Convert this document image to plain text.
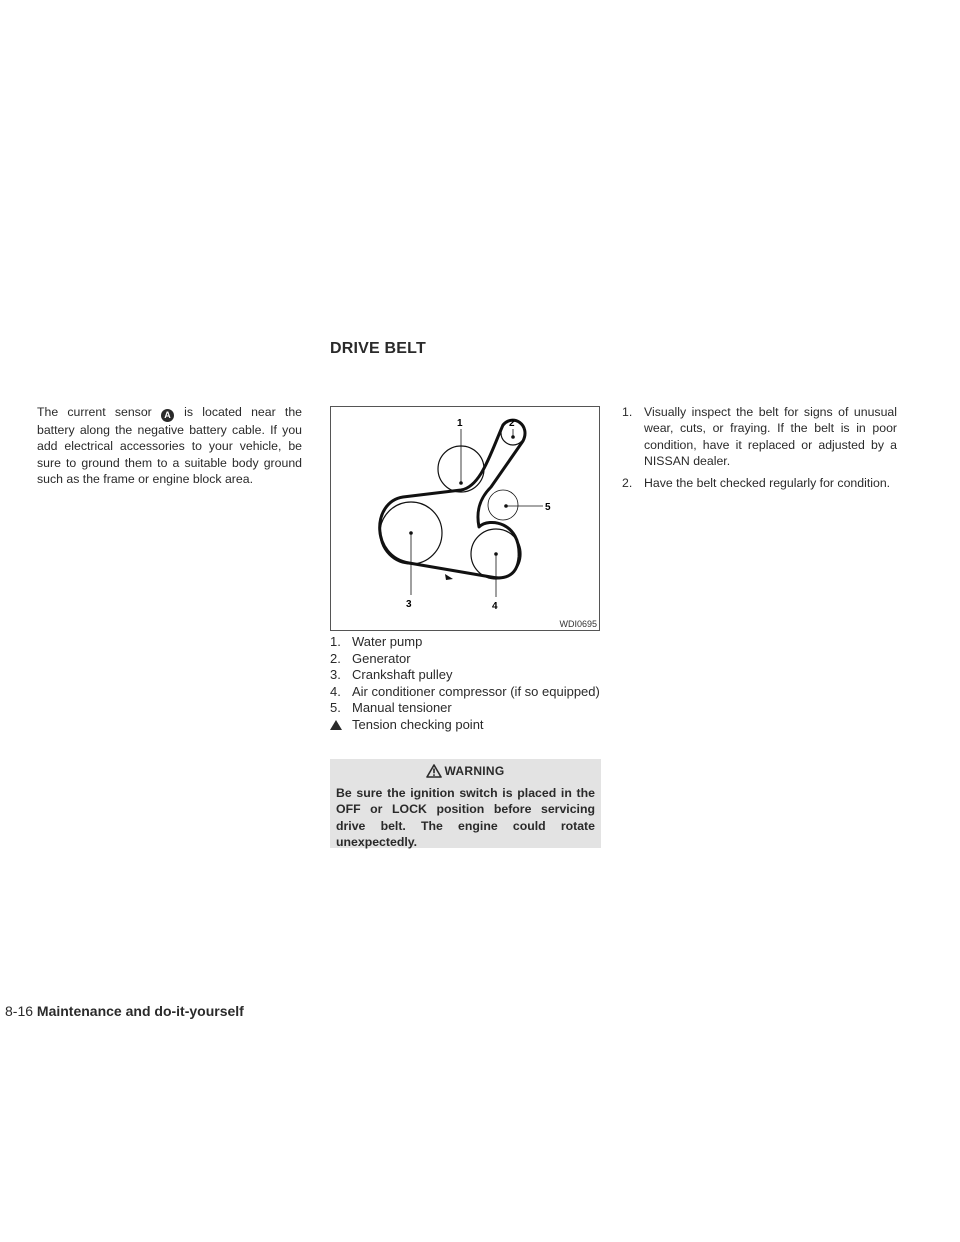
DRIVE BELT
The current sensor A is located near the battery along the negative battery cable. If you add electrical accessories to your vehicle, be sure to ground them to a suitable body ground such as the frame or engine block area.
1	2
3	4
5
WDI0695
1. Water pump
2. Generator
3. Crankshaft pulley
4. Air conditioner compressor (if so equipped)
5. Manual tensioner
Tension checking point
WARNING
Be sure the ignition switch is placed in the OFF or LOCK position before servicing drive belt. The engine could rotate unexpectedly.
1. Visually inspect the belt for signs of unusual wear, cuts, or fraying. If the belt is in poor condition, have it replaced or adjusted by a NISSAN dealer.
2. Have the belt checked regularly for condition.
8-16 Maintenance and do-it-yourself
